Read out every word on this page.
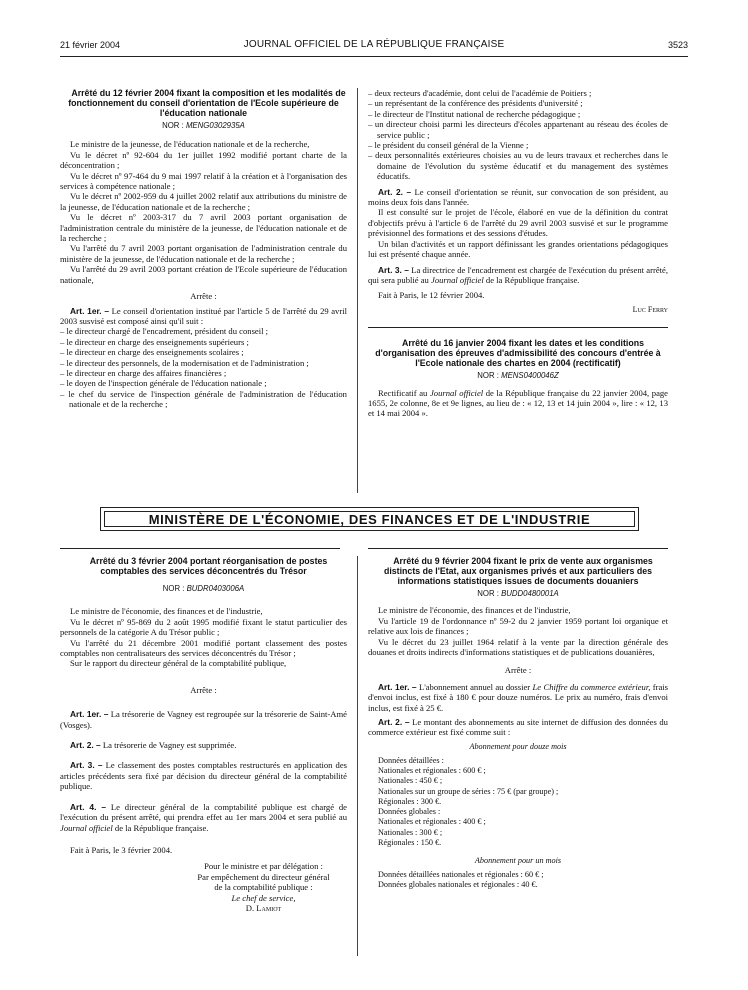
21 février 2004	JOURNAL OFFICIEL DE LA RÉPUBLIQUE FRANÇAISE	3523

Arrêté du 12 février 2004 fixant la composition et les modalités de fonctionnement du conseil d'orientation de l'Ecole supérieure de l'éducation nationale

NOR : MENG0302935A

Le ministre de la jeunesse, de l'éducation nationale et de la recherche,

Vu le décret nº 92-604 du 1er juillet 1992 modifié portant charte de la déconcentration ;

Vu le décret nº 97-464 du 9 mai 1997 relatif à la création et à l'organisation des services à compétence nationale ;

Vu le décret nº 2002-959 du 4 juillet 2002 relatif aux attributions du ministre de la jeunesse, de l'éducation nationale et de la recherche ;

Vu le décret nº 2003-317 du 7 avril 2003 portant organisation de l'administration centrale du ministère de la jeunesse, de l'éducation nationale et de la recherche ;

Vu l'arrêté du 7 avril 2003 portant organisation de l'administration centrale du ministère de la jeunesse, de l'éducation nationale et de la recherche ;

Vu l'arrêté du 29 avril 2003 portant création de l'Ecole supérieure de l'éducation nationale,

Arrête :

Art. 1er. – Le conseil d'orientation institué par l'article 5 de l'arrêté du 29 avril 2003 susvisé est composé ainsi qu'il suit :

– le directeur chargé de l'encadrement, président du conseil ;
– le directeur en charge des enseignements supérieurs ;
– le directeur en charge des enseignements scolaires ;
– le directeur des personnels, de la modernisation et de l'administration ;
– le directeur en charge des affaires financières ;
– le doyen de l'inspection générale de l'éducation nationale ;
– le chef du service de l'inspection générale de l'administration de l'éducation nationale et de la recherche ;
– deux recteurs d'académie, dont celui de l'académie de Poitiers ;
– un représentant de la conférence des présidents d'université ;
– le directeur de l'Institut national de recherche pédagogique ;
– un directeur choisi parmi les directeurs d'écoles appartenant au réseau des écoles de service public ;
– le président du conseil général de la Vienne ;
– deux personnalités extérieures choisies au vu de leurs travaux et recherches dans le domaine de l'évolution du système éducatif et du management des systèmes éducatifs.

Art. 2. – Le conseil d'orientation se réunit, sur convocation de son président, au moins deux fois dans l'année.

Il est consulté sur le projet de l'école, élaboré en vue de la définition du contrat d'objectifs prévu à l'article 6 de l'arrêté du 29 avril 2003 susvisé et sur le programme prévisionnel des formations et des sessions d'études.

Un bilan d'activités et un rapport définissant les grandes orientations pédagogiques lui est présenté chaque année.

Art. 3. – La directrice de l'encadrement est chargée de l'exécution du présent arrêté, qui sera publié au Journal officiel de la République française.

Fait à Paris, le 12 février 2004.

Luc Ferry

Arrêté du 16 janvier 2004 fixant les dates et les conditions d'organisation des épreuves d'admissibilité des concours d'entrée à l'Ecole nationale des chartes en 2004 (rectificatif)

NOR : MENS0400046Z

Rectificatif au Journal officiel de la République française du 22 janvier 2004, page 1655, 2e colonne, 8e et 9e lignes, au lieu de : « 12, 13 et 14 juin 2004 », lire : « 12, 13 et 14 mai 2004 ».

MINISTÈRE DE L'ÉCONOMIE, DES FINANCES ET DE L'INDUSTRIE

Arrêté du 3 février 2004 portant réorganisation de postes comptables des services déconcentrés du Trésor

NOR : BUDR0403006A

Le ministre de l'économie, des finances et de l'industrie,

Vu le décret nº 95-869 du 2 août 1995 modifié fixant le statut particulier des personnels de la catégorie A du Trésor public ;

Vu l'arrêté du 21 décembre 2001 modifié portant classement des postes comptables non centralisateurs des services déconcentrés du Trésor ;

Sur le rapport du directeur général de la comptabilité publique,

Arrête :

Art. 1er. – La trésorerie de Vagney est regroupée sur la trésorerie de Saint-Amé (Vosges).

Art. 2. – La trésorerie de Vagney est supprimée.

Art. 3. – Le classement des postes comptables restructurés en application des articles précédents sera fixé par décision du directeur général de la comptabilité publique.

Art. 4. – Le directeur général de la comptabilité publique est chargé de l'exécution du présent arrêté, qui prendra effet au 1er mars 2004 et sera publié au Journal officiel de la République française.

Fait à Paris, le 3 février 2004.

Pour le ministre et par délégation :
Par empêchement du directeur général
de la comptabilité publique :
Le chef de service,
D. Lamiot

Arrêté du 9 février 2004 fixant le prix de vente aux organismes distincts de l'Etat, aux organismes privés et aux particuliers des informations statistiques issues de documents douaniers

NOR : BUDD0480001A

Le ministre de l'économie, des finances et de l'industrie,

Vu l'article 19 de l'ordonnance nº 59-2 du 2 janvier 1959 portant loi organique et relative aux lois de finances ;

Vu le décret du 23 juillet 1964 relatif à la vente par la direction générale des douanes et droits indirects d'informations statistiques et de publications douanières,

Arrête :

Art. 1er. – L'abonnement annuel au dossier Le Chiffre du commerce extérieur, frais d'envoi inclus, est fixé à 180 € pour douze numéros. Le prix au numéro, frais d'envoi inclus, est fixé à 25 €.

Art. 2. – Le montant des abonnements au site internet de diffusion des données du commerce extérieur est fixé comme suit :

Abonnement pour douze mois
Données détaillées :
Nationales et régionales : 600 € ;
Nationales : 450 € ;
Nationales sur un groupe de séries : 75 € (par groupe) ;
Régionales : 300 €.
Données globales :
Nationales et régionales : 400 € ;
Nationales : 300 € ;
Régionales : 150 €.
Abonnement pour un mois
Données détaillées nationales et régionales : 60 € ;
Données globales nationales et régionales : 40 €.
